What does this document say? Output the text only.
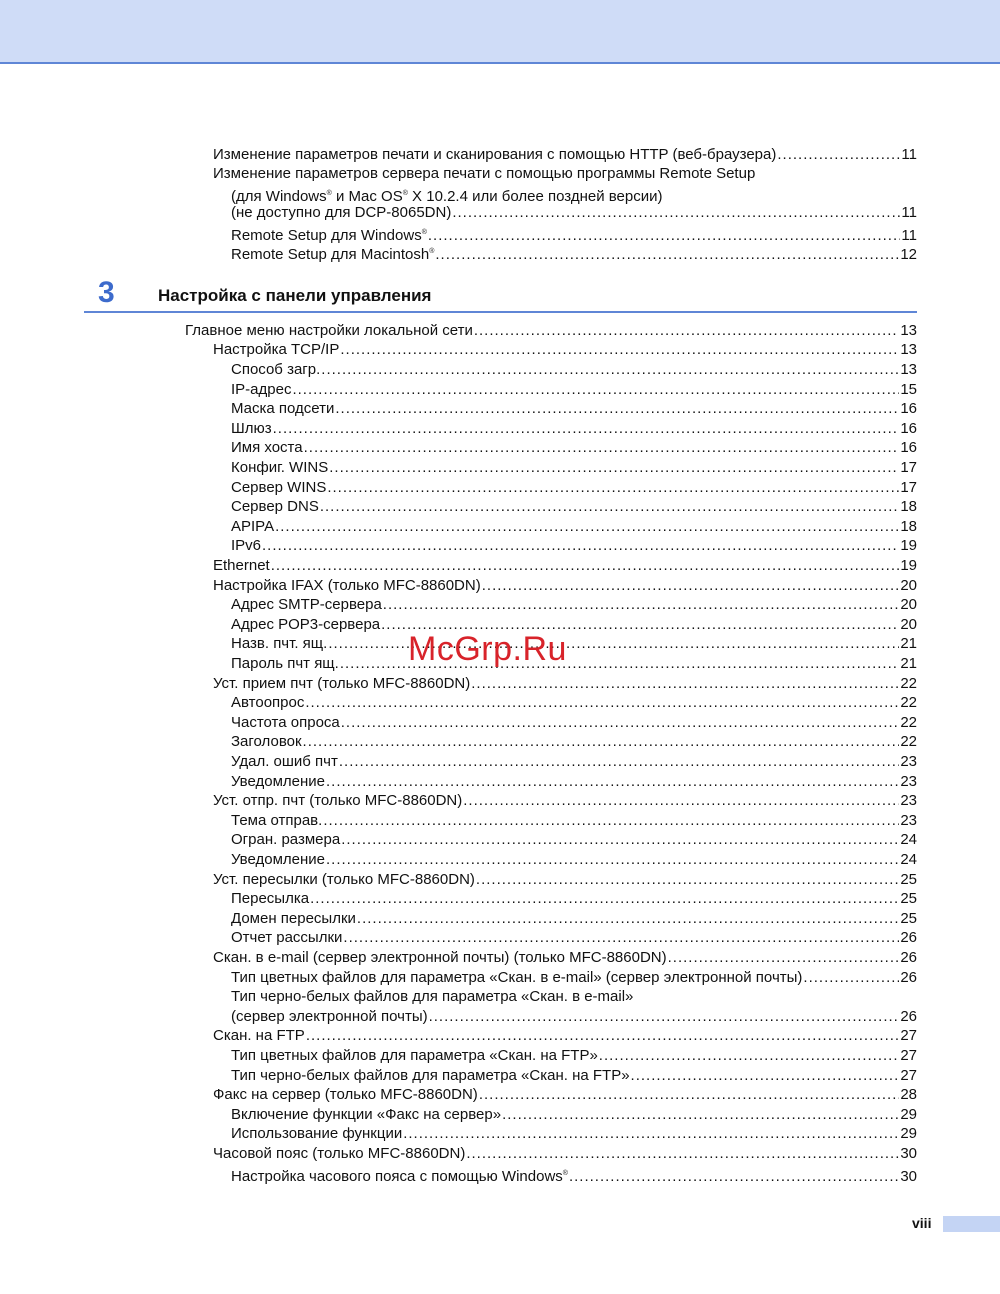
Изменение параметров печати и сканирования с помощью HTTP (веб-браузера) .....	11
Изменение параметров сервера печати с помощью программы Remote Setup
(для Windows® и Mac OS® X 10.2.4 или более поздней версии)
(не доступно для DCP-8065DN) .....	11
Remote Setup для Windows® .....	11
Remote Setup для Macintosh® .....	12
3	Настройка с панели управления
Главное меню настройки локальной сети .....	13
Настройка TCP/IP .....	13
Способ загр. .....	13
IP-адрес .....	15
Маска подсети .....	16
Шлюз .....	16
Имя хоста .....	16
Конфиг. WINS .....	17
Сервер WINS .....	17
Сервер DNS .....	18
APIPA .....	18
IPv6 .....	19
Ethernet .....	19
Настройка IFAX (только MFC-8860DN) .....	20
Адрес SMTP-сервера .....	20
Адрес POP3-сервера .....	20
Назв. пчт. ящ. .....	21
Пароль пчт ящ. .....	21
Уст. прием пчт (только MFC-8860DN) .....	22
Автоопрос .....	22
Частота опроса .....	22
Заголовок .....	22
Удал. ошиб пчт .....	23
Уведомление .....	23
Уст. отпр. пчт (только MFC-8860DN) .....	23
Тема отправ. .....	23
Огран. размера .....	24
Уведомление .....	24
Уст. пересылки (только MFC-8860DN) .....	25
Пересылка .....	25
Домен пересылки .....	25
Отчет рассылки .....	26
Скан. в e-mail (сервер электронной почты) (только MFC-8860DN) .....	26
Тип цветных файлов для параметра «Скан. в e-mail» (сервер электронной почты) .....	26
Тип черно-белых файлов для параметра «Скан. в e-mail»
(сервер электронной почты) .....	26
Скан. на FTP .....	27
Тип цветных файлов для параметра «Скан. на FTP» .....	27
Тип черно-белых файлов для параметра «Скан. на FTP» .....	27
Факс на сервер (только MFC-8860DN) .....	28
Включение функции «Факс на сервер» .....	29
Использование функции .....	29
Часовой пояс (только MFC-8860DN) .....	30
Настройка часового пояса с помощью Windows® .....	30
McGrp.Ru
viii
